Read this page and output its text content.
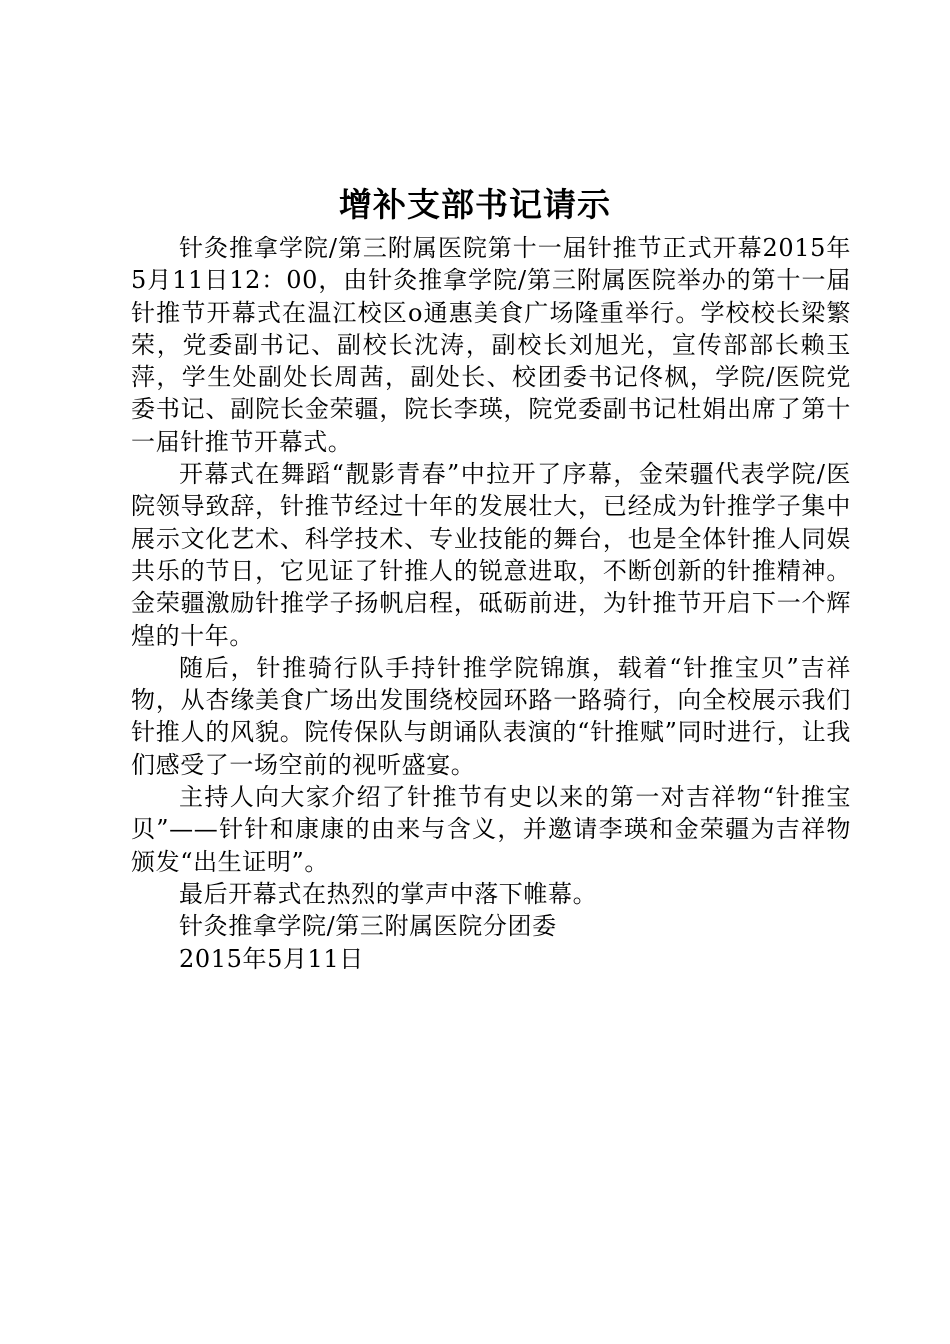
增补支部书记请示

针灸推拿学院/第三附属医院第十一届针推节正式开幕2015年5月11日12：00，由针灸推拿学院/第三附属医院举办的第十一届针推节开幕式在温江校区o通惠美食广场隆重举行。学校校长梁繁荣，党委副书记、副校长沈涛，副校长刘旭光，宣传部部长赖玉萍，学生处副处长周茜，副处长、校团委书记佟枫，学院/医院党委书记、副院长金荣疆，院长李瑛，院党委副书记杜娟出席了第十一届针推节开幕式。

开幕式在舞蹈“靓影青春”中拉开了序幕，金荣疆代表学院/医院领导致辞，针推节经过十年的发展壮大，已经成为针推学子集中展示文化艺术、科学技术、专业技能的舞台，也是全体针推人同娱共乐的节日，它见证了针推人的锐意进取，不断创新的针推精神。金荣疆激励针推学子扬帆启程，砥砺前进，为针推节开启下一个辉煌的十年。

随后，针推骑行队手持针推学院锦旗，载着“针推宝贝”吉祥物，从杏缘美食广场出发围绕校园环路一路骑行，向全校展示我们针推人的风貌。院传保队与朗诵队表演的“针推赋”同时进行，让我们感受了一场空前的视听盛宴。

主持人向大家介绍了针推节有史以来的第一对吉祥物“针推宝贝”——针针和康康的由来与含义，并邀请李瑛和金荣疆为吉祥物颁发“出生证明”。

最后开幕式在热烈的掌声中落下帷幕。

针灸推拿学院/第三附属医院分团委

2015年5月11日
